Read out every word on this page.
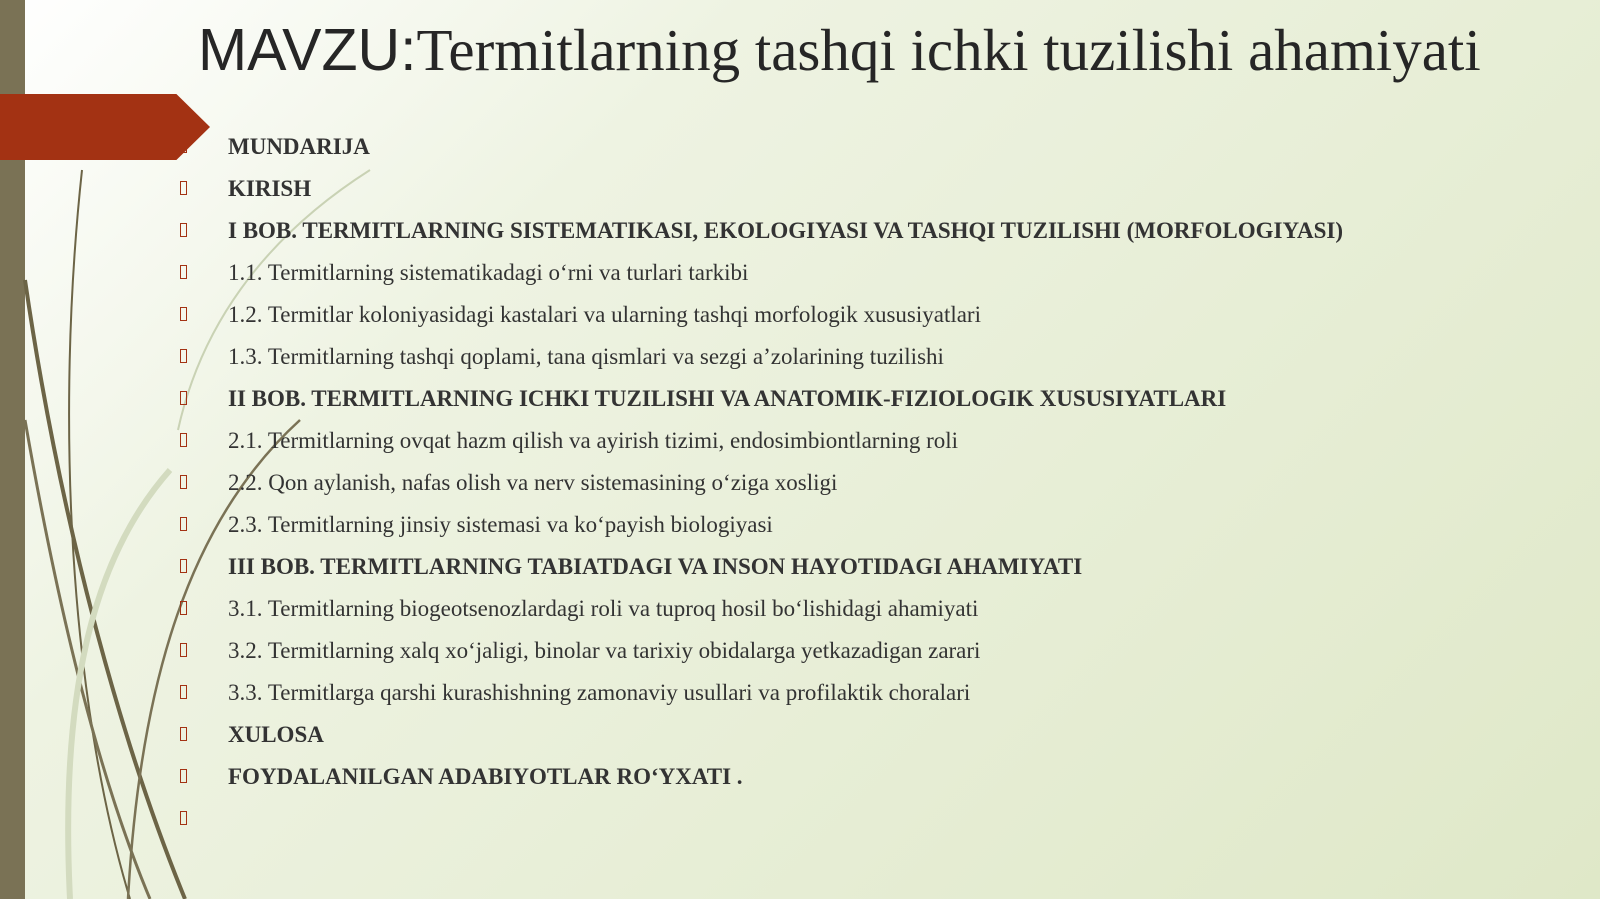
MAVZU:Termitlarning tashqi ichki tuzilishi ahamiyati
MUNDARIJA
KIRISH
I BOB. TERMITLARNING SISTEMATIKASI, EKOLOGIYASI VA TASHQI TUZILISHI (MORFOLOGIYASI)
1.1. Termitlarning sistematikadagi o‘rni va turlari tarkibi
1.2. Termitlar koloniyasidagi kastalari va ularning tashqi morfologik xususiyatlari
1.3. Termitlarning tashqi qoplami, tana qismlari va sezgi a’zolarining tuzilishi
II BOB. TERMITLARNING ICHKI TUZILISHI VA ANATOMIK-FIZIOLOGIK XUSUSIYATLARI
2.1. Termitlarning ovqat hazm qilish va ayirish tizimi, endosimbiontlarning roli
2.2. Qon aylanish, nafas olish va nerv sistemasining o‘ziga xosligi
2.3. Termitlarning jinsiy sistemasi va ko‘payish biologiyasi
III BOB. TERMITLARNING TABIATDAGI VA INSON HAYOTIDAGI AHAMIYATI
3.1. Termitlarning biogeotsenozlardagi roli va tuproq hosil bo‘lishidagi ahamiyati
3.2. Termitlarning xalq xo‘jaligi, binolar va tarixiy obidalarga yetkazadigan zarari
3.3. Termitlarga qarshi kurashishning zamonaviy usullari va profilaktik choralari
XULOSA
FOYDALANILGAN ADABIYOTLAR RO‘YXATI .
